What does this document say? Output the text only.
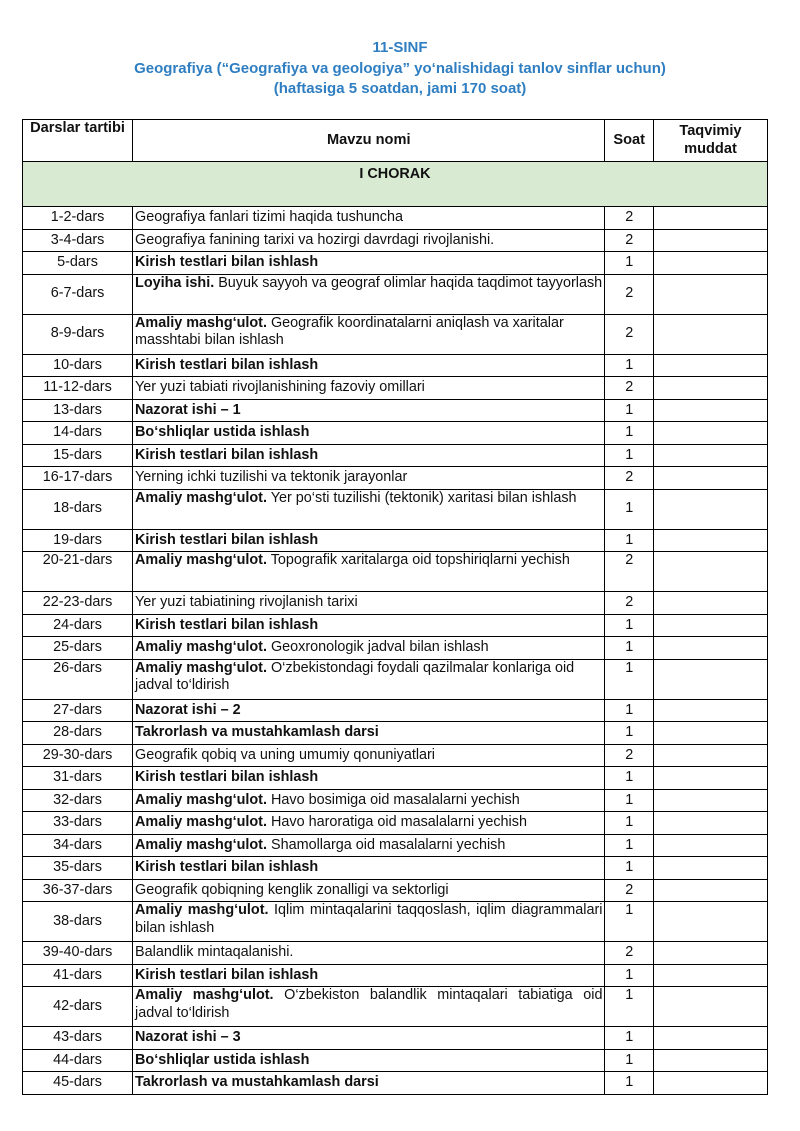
11-SINF
Geografiya (“Geografiya va geologiya” yo‘nalishidagi tanlov sinflar uchun)
(haftasiga 5 soatdan, jami 170 soat)
Darslar tartibi	Mavzu nomi	Soat	Taqvimiy muddat
I CHORAK			
1-2-dars	Geografiya fanlari tizimi haqida tushuncha	2	
3-4-dars	Geografiya fanining tarixi va hozirgi davrdagi rivojlanishi.	2	
5-dars	Kirish testlari bilan ishlash	1	
6-7-dars	Loyiha ishi. Buyuk sayyoh va geograf olimlar haqida taqdimot tayyorlash	2	
8-9-dars	Amaliy mashg‘ulot. Geografik koordinatalarni aniqlash va xaritalar masshtabi bilan ishlash	2	
10-dars	Kirish testlari bilan ishlash	1	
11-12-dars	Yer yuzi tabiati rivojlanishining fazoviy omillari	2	
13-dars	Nazorat ishi – 1	1	
14-dars	Bo‘shliqlar ustida ishlash	1	
15-dars	Kirish testlari bilan ishlash	1	
16-17-dars	Yerning ichki tuzilishi va tektonik jarayonlar	2	
18-dars	Amaliy mashg‘ulot. Yer po‘sti tuzilishi (tektonik) xaritasi bilan ishlash	1	
19-dars	Kirish testlari bilan ishlash	1	
20-21-dars	Amaliy mashg‘ulot. Topografik xaritalarga oid topshiriqlarni yechish	2	
22-23-dars	Yer yuzi tabiatining rivojlanish tarixi	2	
24-dars	Kirish testlari bilan ishlash	1	
25-dars	Amaliy mashg‘ulot. Geoxronologik jadval bilan ishlash	1	
26-dars	Amaliy mashg‘ulot. O‘zbekistondagi foydali qazilmalar konlariga oid jadval to‘ldirish	1	
27-dars	Nazorat ishi – 2	1	
28-dars	Takrorlash va mustahkamlash darsi	1	
29-30-dars	Geografik qobiq va uning umumiy qonuniyatlari	2	
31-dars	Kirish testlari bilan ishlash	1	
32-dars	Amaliy mashg‘ulot. Havo bosimiga oid masalalarni yechish	1	
33-dars	Amaliy mashg‘ulot. Havo haroratiga oid masalalarni yechish	1	
34-dars	Amaliy mashg‘ulot. Shamollarga oid masalalarni yechish	1	
35-dars	Kirish testlari bilan ishlash	1	
36-37-dars	Geografik qobiqning kenglik zonalligi va sektorligi	2	
38-dars	Amaliy mashg‘ulot. Iqlim mintaqalarini taqqoslash, iqlim diagrammalari bilan ishlash	1	
39-40-dars	Balandlik mintaqalanishi.	2	
41-dars	Kirish testlari bilan ishlash	1	
42-dars	Amaliy mashg‘ulot. O‘zbekiston balandlik mintaqalari tabiatiga oid jadval to‘ldirish	1	
43-dars	Nazorat ishi – 3	1	
44-dars	Bo‘shliqlar ustida ishlash	1	
45-dars	Takrorlash va mustahkamlash darsi	1	
